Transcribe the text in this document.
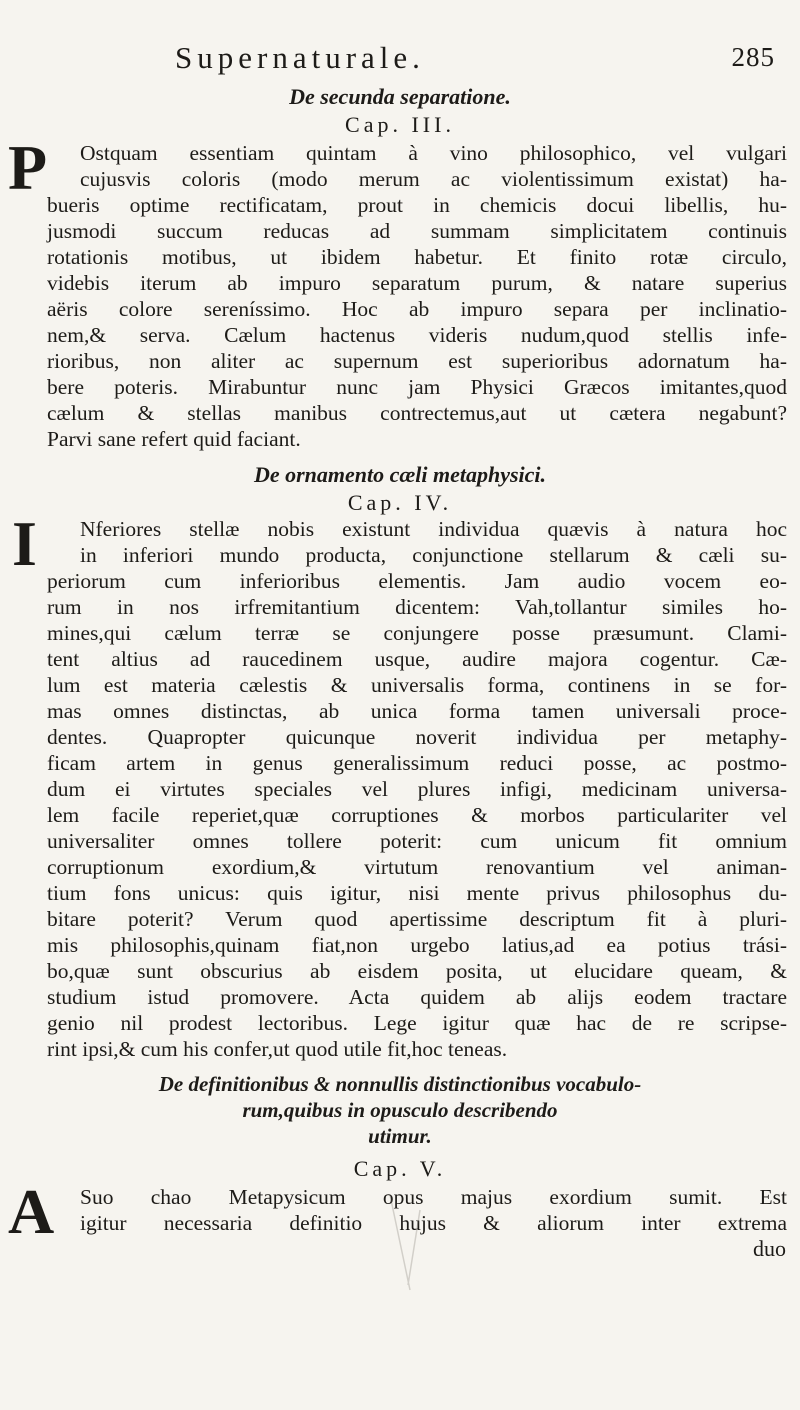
Supernaturale.	285
De secunda separatione.
Cap. III.
P Ostquam essentiam quintam à vino philosophico, vel vulgari
cujusvis coloris (modo merum ac violentissimum existat) ha-
bueris optime rectificatam, prout in chemicis docui libellis, hu-
jusmodi succum reducas ad summam simplicitatem continuis
rotationis motibus, ut ibidem habetur. Et finito rotæ circulo,
videbis iterum ab impuro separatum purum, & natare superius
aëris colore sereníssimo. Hoc ab impuro separa per inclinatio-
nem,& serva. Cælum hactenus videris nudum,quod stellis infe-
rioribus, non aliter ac supernum est superioribus adornatum ha-
bere poteris. Mirabuntur nunc jam Physici Græcos imitantes,quod
cælum & stellas manibus contrectemus,aut ut cætera negabunt?
Parvi sane refert quid faciant.
De ornamento cæli metaphysici.
Cap. IV.
I Nferiores stellæ nobis existunt individua quævis à natura hoc
in inferiori mundo producta, conjunctione stellarum & cæli su-
periorum cum inferioribus elementis. Jam audio vocem eo-
rum in nos irfremitantium dicentem: Vah,tollantur similes ho-
mines,qui cælum terræ se conjungere posse præsumunt. Clami-
tent altius ad raucedinem usque, audire majora cogentur. Cæ-
lum est materia cælestis & universalis forma, continens in se for-
mas omnes distinctas, ab unica forma tamen universali proce-
dentes. Quapropter quicunque noverit individua per metaphy-
ficam artem in genus generalissimum reduci posse, ac postmo-
dum ei virtutes speciales vel plures infigi, medicinam universa-
lem facile reperiet,quæ corruptiones & morbos particulariter vel
universaliter omnes tollere poterit: cum unicum fit omnium
corruptionum exordium,& virtutum renovantium vel animan-
tium fons unicus: quis igitur, nisi mente privus philosophus du-
bitare poterit? Verum quod apertissime descriptum fit à pluri-
mis philosophis,quinam fiat,non urgebo latius,ad ea potius trási-
bo,quæ sunt obscurius ab eisdem posita, ut elucidare queam, &
studium istud promovere. Acta quidem ab alijs eodem tractare
genio nil prodest lectoribus. Lege igitur quæ hac de re scripse-
rint ipsi,& cum his confer,ut quod utile fit,hoc teneas.
De definitionibus & nonnullis distinctionibus vocabulo-
rum,quibus in opusculo describendo
utimur.
Cap. V.
A Suo chao Metapysicum opus majus exordium sumit. Est
igitur necessaria definitio hujus & aliorum inter extrema
duo
